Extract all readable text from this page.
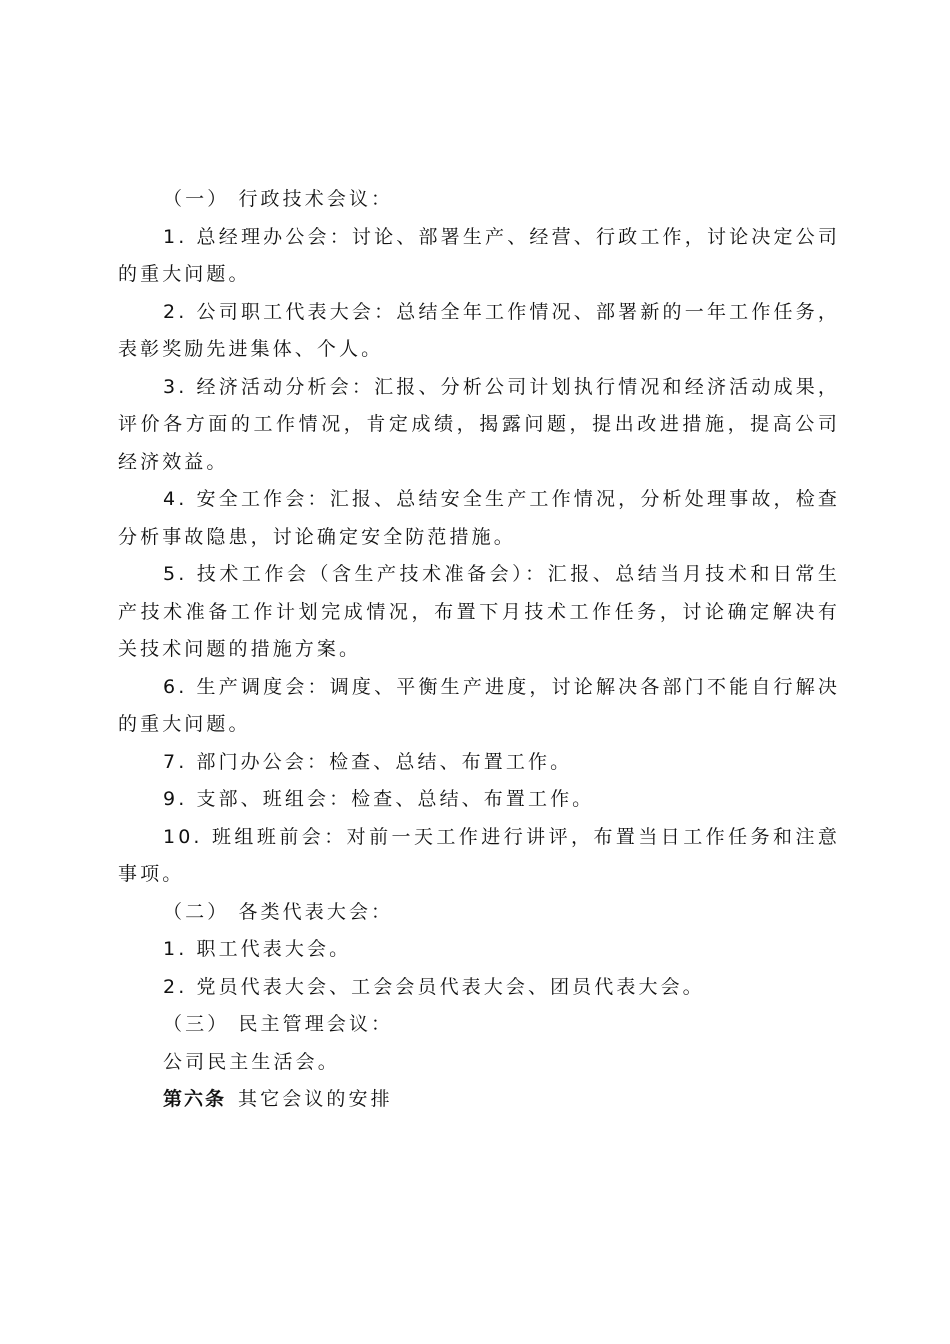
（一） 行政技术会议：

1. 总经理办公会：讨论、部署生产、经营、行政工作，讨论决定公司的重大问题。

2. 公司职工代表大会：总结全年工作情况、部署新的一年工作任务，表彰奖励先进集体、个人。

3. 经济活动分析会：汇报、分析公司计划执行情况和经济活动成果，评价各方面的工作情况，肯定成绩，揭露问题，提出改进措施，提高公司经济效益。

4. 安全工作会：汇报、总结安全生产工作情况，分析处理事故，检查分析事故隐患，讨论确定安全防范措施。

5. 技术工作会（含生产技术准备会）：汇报、总结当月技术和日常生产技术准备工作计划完成情况，布置下月技术工作任务，讨论确定解决有关技术问题的措施方案。

6. 生产调度会：调度、平衡生产进度，讨论解决各部门不能自行解决的重大问题。

7. 部门办公会：检查、总结、布置工作。

9. 支部、班组会：检查、总结、布置工作。

10. 班组班前会：对前一天工作进行讲评，布置当日工作任务和注意事项。

（二） 各类代表大会：

1. 职工代表大会。

2. 党员代表大会、工会会员代表大会、团员代表大会。

（三） 民主管理会议：

公司民主生活会。

第六条 其它会议的安排
